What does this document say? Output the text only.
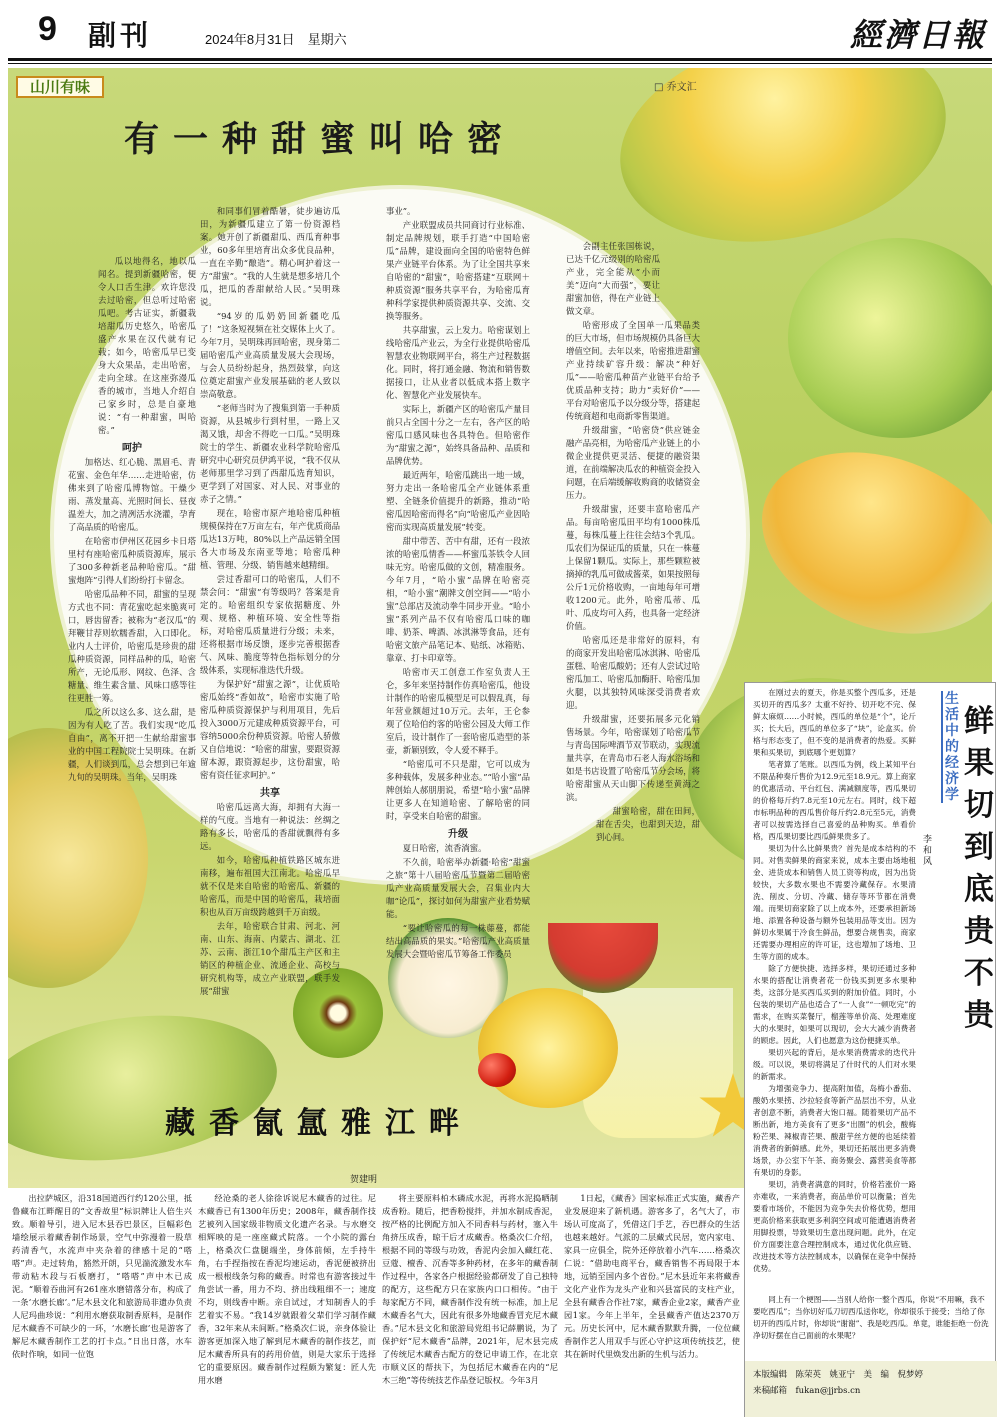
9 副刊	2024年8月31日　星期六	經濟日報
山川有味	□ 乔文汇
有一种甜蜜叫哈密

瓜以地得名，地以瓜闻名。提到新疆哈密，便令人口舌生津。欢许您没去过哈密，但总听过哈密瓜吧。考古证实，新疆栽培甜瓜历史悠久，哈密瓜盛产水果在汉代就有记载；如今，哈密瓜早已变身大众果品，走出哈密，走向全球。在这座弥漫瓜香的城市，当地人介绍自己家乡时，总是自豪地说：“有一种甜蜜，叫哈密。”

呵护

加格达、红心脆、黑眉毛、青花蜜、金色年华……走进哈密，仿佛来到了哈密瓜博物馆。干燥少雨、蒸发量高、光照时间长、昼夜温差大，加之清冽活水浇灌，孕育了高品质的哈密瓜。

在哈密市伊州区花园乡卡日塔里村有座哈密瓜种质资源库，展示了300多种新老品种哈密瓜。“甜蜜炮阵”引得人们纷纷打卡留念。

哈密瓜品种不同，甜蜜的呈现方式也不同：青花蜜吃起来脆爽可口，唇齿留香；被称为“老汉瓜”的拜鞭甘荐则软糯香甜，入口即化。业内人士评价，哈密瓜是珍贵的甜瓜种质资源，同样品种的瓜，哈密所产，无论瓜形、网纹、色泽、含糖量、维生素含量、风味口感等往往更胜一筹。

瓜之所以这么多、这么甜，是因为有人吃了苦。我们实现“吃瓜自由”，离不开把一生献给甜蜜事业的中国工程院院士吴明珠。在新疆，人们谈到瓜，总会想到已年逾九旬的吴明珠。当年，吴明珠

和同事们冒着酷暑，徒步遍访瓜田，为新疆瓜建立了第一份资源档案。她开创了新疆甜瓜、西瓜育种事业，60多年里培育出众多优良品种，一直在辛勤“酿造”。精心呵护着这一方“甜蜜”。“我的人生就是想多培几个瓜，把瓜的香甜献给人民。”吴明珠说。

“94岁的瓜奶奶回新疆吃瓜了！”这条短视频在社交媒体上火了。今年7月，吴明珠再回哈密，现身第二届哈密瓜产业高质量发展大会现场，与会人员纷纷起身，热烈鼓掌，向这位奠定甜蜜产业发展基础的老人致以崇高敬意。

“老师当时为了搜集到第一手种质资源，从县城步行到村里，一路上又渴又饿，却舍不得吃一口瓜。”吴明珠院士的学生、新疆农业科学院哈密瓜研究中心研究员伊鸿平说，“我不仅从老师那里学习到了西甜瓜选育知识，更学到了对国家、对人民、对事业的赤子之情。”

现在，哈密市原产地哈密瓜种植规模保持在7万亩左右，年产优质商品瓜达13万吨，80%以上产品远销全国各大市场及东南亚等地；哈密瓜种植、管理、分级、销售越来越精细。

尝过香甜可口的哈密瓜，人们不禁会问：“甜蜜”有等级吗？答案是肯定的。哈密组织专家依据糖度、外观、规格、种植环境、安全性等指标，对哈密瓜质量进行分级；未来，还将根据市场反馈，逐步完善根据香气、风味、脆度等特色指标划分的分级体系，实现标准迭代升级。

为保护好“甜蜜之源”，让优质哈密瓜始终“香如故”，哈密市实施了哈密瓜种质资源保护与利用项目，先后投入3000万元建成种质资源平台，可容纳5000余份种质资源。哈密人骄傲又自信地说：“哈密的甜蜜，要跟资源留本源，跟资源起步，这份甜蜜，哈密有资任征求呵护。”

共享

哈密瓜远离大海，却拥有大海一样的气度。当地有一种说法：丝绸之路有多长，哈密瓜的香甜就飘得有多远。

如今，哈密瓜种植铁路区城东进南移，遍布祖国大江南北。哈密瓜早就不仅是来自哈密的哈密瓜、新疆的哈密瓜，而是中国的哈密瓜，栽培面积也从百万亩级跨越到千万亩级。

去年，哈密联合甘肃、河北、河南、山东、海南、内蒙古、湖北、江苏、云南、浙江10个甜瓜主产区和主销区的种植企业、流通企业、高校与研究机构等，成立产业联盟，联手发展“甜蜜

事业”。

产业联盟成员共同商讨行业标准、制定品牌规划，联手打造“中国哈密瓜”品牌，建设面向全国的哈密特色鲜果产业链平台体系。为了让全国共享来自哈密的“甜蜜”，哈密搭建“互联网＋种质资源”服务共享平台，为哈密瓜育种科学家提供种质资源共享、交流、交换等服务。

共享甜蜜，云上发力。哈密谋划上线哈密瓜产业云，为全行业提供哈密瓜智慧农业物联网平台，将生产过程数据化。同时，将打通金融、物流和销售数据接口，让从业者以低成本搭上数字化、智慧化产业发展快车。

实际上，新疆产区的哈密瓜产量目前只占全国十分之一左右，各产区的哈密瓜口感风味也各具特色。但哈密作为“甜蜜之源”，始终具备品种、品质和品牌优势。

最近两年，哈密瓜跳出一地一域，努力走出一条哈密瓜全产业链体系重塑、全链条价值提升的新路，推动“哈密瓜因哈密而得名”向“哈密瓜产业因哈密而实现高质量发展”转变。

甜中带苦、苦中有甜，还有一段浓浓的哈密瓜情香——杯蜜瓜茶铁令人回味无穷。哈密瓜做的文创，精准服务。今年7月，“哈小蜜”品牌在哈密亮相，“哈小蜜”潮牌文创空间——“哈小蜜”总部店及流动拳牛同步开业。“哈小蜜”系列产品不仅有哈密瓜口味的咖啡、奶茶、啤酒、冰淇淋等食品，还有哈密文旅产品笔记本、贴纸、冰箱贴、靠章、打卡印章等。

哈密市天工创意工作室负责人王仑，多年来坚持制作仿真哈密瓜，他设计制作的哈密瓜模型足可以假乱真，每年营业额超过10万元。去年，王仑参观了位哈伯约客的哈密公园及大师工作室后，设计制作了一套哈密瓜造型的茶壶，新颖别致，令人爱不释手。

“哈密瓜可不只是甜，它可以成为多种载体，发展多种业态。”“哈小蜜”品牌创始人郝朋朋说，希望“哈小蜜”品牌让更多人在知道哈密、了解哈密的同时，享受来自哈密的甜蜜。

升级

夏日哈密，流香淌蜜。

不久前，哈密举办新疆·哈密“甜蜜之旅”第十八届哈密瓜节暨第二届哈密瓜产业高质量发展大会，召集业内大咖“论瓜”，探讨如何为甜蜜产业看势赋能。

“要让哈密瓜的每一株藤蔓，都能结出高品质的果实。”哈密瓜产业高质量发展大会暨哈密瓜节筹备工作委员

会副主任张国栋说，已达千亿元级别的哈密瓜产业，完全能从“小而美”迈向“大而强”，要让甜蜜加倍，得在产业链上做文章。

哈密形成了全国单一瓜果品类的巨大市场，但市场规模仍具备巨大增值空间。去年以来，哈密推进甜蜜产业持续矿容升级：解决“种好瓜”——哈密瓜种苗产业链平台给予优质品种支持；助力“卖好价”——平台对哈密瓜予以分级分等，搭建起传统商超和电商新零售渠道。

升级甜蜜，“哈密贷”供应链金融产品亮相，为哈密瓜产业链上的小微企业提供更灵活、便捷的融资渠道，在前端解决瓜农的种植资金投入问题，在后端缓解收购商的收储资金压力。

升级甜蜜，还要丰富哈密瓜产品。每亩哈密瓜田平均有1000株瓜蔓，每株瓜蔓上往往会结3个乳瓜。瓜农们为保证瓜的质量，只在一株蔓上保留1颗瓜。实际上，那些颗粒被摘掉的乳瓜可做成酱菜，如果按照每公斤1元价格收购，一亩地每年可增收1200元。此外，哈密瓜蒂、瓜叶、瓜皮均可入药，也具备一定经济价值。

哈密瓜还是非常好的原料，有的商家开发出哈密瓜冰淇淋、哈密瓜蛋糕、哈密瓜酸奶；还有人尝试过哈密瓜加工、哈密瓜加酶肝、哈密瓜加火腿，以其独特风味深受消费者欢迎。

升级甜蜜，还要拓展多元化销售场景。今年，哈密谋划了哈密瓜节与青岛国际啤酒节双节联动，实现流量共享，在青岛市石老人海水浴场和如是书店设置了哈密瓜节分会场，将哈密甜蜜从天山脚下传递至黄海之滨。

甜蜜哈密，甜在田间，甜在舌尖，也甜到天边，甜到心间。

藏香氤氲雅江畔
贺建明

出拉萨城区，沿318国道西行约120公里，抵鲁藏布江畔醒目的“文香故里”标识牌让人倍生兴致。顺着导引，进入尼木县吞巴景区，巨幅彩色墙绘展示着藏香制作场景，空气中弥漫着一股草药清香气，水流声中夹杂着的律感十足的“嗒嗒”声。走过转角，豁然开朗，只见湍流激发水车带动粘木段与石板磨打，“嗒嗒”声中木已成泥。“顺着吞曲河有261座水磨错落分布，构成了一条‘水磨长廊’。”尼木县文化和旅游局非遗办负责人尼玛曲珍说：“利用水磨获取制香原料，是制作尼木藏香不可缺少的一环，‘水磨长廊’也是游客了解尼木藏香制作工艺的打卡点。”日出日落，水车依时作响，如同一位饱

经沧桑的老人徐徐诉说尼木藏香的过往。尼木藏香已有1300年历史；2008年，藏香制作技艺被列入国家级非物质文化遗产名录。与水磨交相辉映的是一座座藏式院落。一个小院的露台上，格桑次仁盘腿端坐，身体前倾，左手持牛角，右手捏指按在香泥均速运动，香泥便被挤出成一根根线条匀称的藏香。时常也有游客接过牛角尝试一番，用力不均、挤出线粗细不一；速度不均，则线香中断。亲自试过，才知制香人的手艺着实不易。“我14岁就跟着父辈们学习制作藏香，32年来从未间断。”格桑次仁说，亲身体验让游客更加深入地了解到尼木藏香的制作技艺，而尼木藏香所具有的药用价值，则是大家乐于选择它的重要原因。藏香制作过程颇为繁复：匠人先用水磨

将主要原料柏木磷成水泥，再将水泥捣晒制成香粉。随后，把香粉搅拌，并加水制成香泥，按严格的比例配方加入不同香料与药材，塞入牛角挤压成香，晾干后才成藏香。格桑次仁介绍，根据不同的等级与功效，香泥内会加入藏红花、豆蔻、檀香、沉香等多种药材，在多年的藏香制作过程中，各家各户根据经验都研发了自己独特的配方，这些配方只在家族内口口相传。“由于每家配方不同，藏香制作没有统一标准，加上尼木藏香名气大，因此有很多外地藏香冒充尼木藏香。”尼木县文化和旅游局党组书记薛鹏说，为了保护好“尼木藏香”品牌，2021年，尼木县完成了传统尼木藏香古配方的登记申请工作，在北京市顺义区的帮扶下，为包括尼木藏香在内的“尼木三绝”等传统技艺作品登记版权。今年3月

1日起，《藏香》国家标准正式实施，藏香产业发展迎来了新机遇。游客多了，名气大了，市场认可度高了，凭借这门手艺，吞巴群众的生活也越来越好。气派的二层藏式民居，宽内家电、家具一应俱全，院外还停放着小汽车……格桑次仁说：“借助电商平台，藏香销售不再局限于本地，远销至国内多个省份。”尼木县近年来将藏香文化产业作为龙头产业和兴县富民的支柱产业，全县有藏香合作社7家，藏香企业2家，藏香产业园1家。今年上半年，全县藏香产值达2370万元。历史长河中，尼木藏香默默升腾，一位位藏香制作艺人用双手与匠心守护这项传统技艺，使其在新时代里焕发出新的生机与活力。

在刚过去的夏天，你是买整个西瓜多，还是买切开的西瓜多？太重不好拎、切开吃不完、保鲜太麻烦……小时候，西瓜的单位是“个”，论斤买；长大后，西瓜的单位多了“块”，论盒买。价格与形态变了，但不变的是消费者的热爱。买鲜果和买果切，到底哪个更划算？

笔者算了笔账。以西瓜为例，线上某知平台不限品种奏斤售价为12.9元至18.9元。算上商家的优惠活动、平台红包、满减额度等，西瓜果切的价格每斤约7.8元至10元左右。同时，线下超市标明品种的西瓜售价每斤约2.8元至5元，消费者可以按需选择自己喜爱的品种购买。单看价格，西瓜果切要比西瓜鲜果贵多了。

果切为什么比鲜果贵？首先是成本结构的不同。对售卖鲜果的商家来说，成本主要由场地租金、进货成本和销售人员工资等构成，因为出货较快，大多数水果也不需要冷藏保存。水果清洗、削皮、分切、冷藏、储存等环节都在消费端。而果切商家除了以上成本外，还要承担新场地、添置各种设备与额外包装用品等支出。因为鲜切水果属于冷食生鲜品，想要合规售卖，商家还需要办理相应的许可证，这也增加了场地、卫生等方面的成本。

除了方便快捷、选择多样，果切还通过多种水果的搭配让消费者花一份钱买到更多水果种类，这部分是买西瓜买到的附加价值。同时，小包装的果切产品也适合了“一人食”“一顿吃完”的需求，在购买菜餐厅，榴莲等单价高、处理难度大的水果时，如果可以现切，会大大减少消费者的顾虑。因此，人们也愿意为这份便捷买单。

果切兴起的背后，是水果消费需求的迭代升级。可以说，果切将满足了什时代的人们对水果的新需求。

为增强竞争力、提高附加值，岛梅小番茄、酸奶水果捞、沙拉轻食等新产品层出不穷，从业者创意不断，消费者大饱口福。随着果切产品不断出新，地方美食有了更多“出圈”的机会，酸梅粉芒果、辣椒青芒果、酸甜芋丝方便的也延续着消费者的新鲜感。此外，果切还拓展出更多消费场景，办公室下午茶、商务聚会、露营美食等都有果切的身影。

果切，消费者满意的同时，价格若涨价一路亦难收，一来消费者，商品单价可以衡量；首先要看市场价，不能因为竞争失去价格优势，想用更高价格来获取更多利润空间或可能遭遇消费者用脚投票，导致果切生意出现问题。此外，在定价方面要注意合理控制成本，通过优化供应链、改进技术等方法控制成本，以确保在竞争中保持优势。

生活中的经济学
鲜果切到底贵不贵
李和风
同上有一个梗图——当别人给你一整个西瓜，你说“不用嘛，我不要吃西瓜”；当你切好瓜刀切西瓜送你吃，你却很乐于接受；当给了你切开的西瓜片时，你却说“谢谢”、我是吃西瓜。单竟，谁能拒绝一份洗净切好摆在自己面前的水果呢？
本版编辑　陈荣英　姚亚宁　美　编　倪梦婷
来稿邮箱　fukan@jjrbs.cn
